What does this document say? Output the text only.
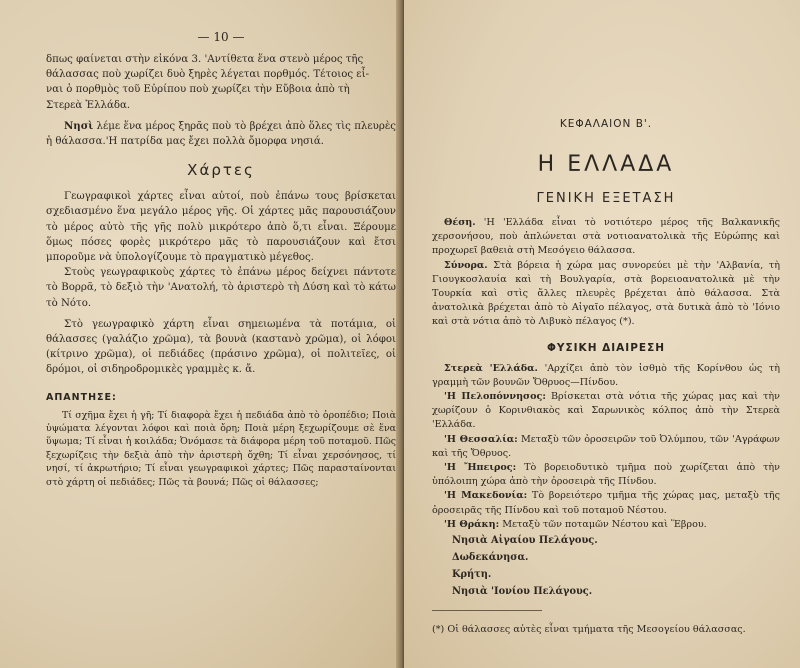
— 10 —

δπως φαίνεται στὴν εἰκόνα 3. 'Αντίθετα ἕνα στενὸ μέρος τῆς

θάλασσας ποὺ χωρίζει δυὸ ξηρὲς λέγεται πορθμός. Τέτοιος εἶ-

ναι ὁ πορθμὸς τοῦ Εὐρίπου ποὺ χωρίζει τὴν Εὔβοια ἀπὸ τὴ

Στερεὰ Ἑλλάδα.

Νησὶ λέμε ἕνα μέρος ξηρᾶς ποὺ τὸ βρέχει ἀπὸ ὅλες τὶς πλευρὲς ἡ θάλασσα.'Η πατρίδα μας ἔχει πολλὰ ὄμορφα νησιά.

Χάρτες

Γεωγραφικοὶ χάρτες εἶναι αὐτοί, ποὺ ἐπάνω τους βρίσκεται σχεδιασμένο ἕνα μεγάλο μέρος γῆς. Οἱ χάρτες μᾶς παρουσιάζουν τὸ μέρος αὐτὸ τῆς γῆς πολὺ μικρότερο ἀπὸ ὅ,τι εἶναι. Ξέρουμε ὅμως πόσες φορὲς μικρότερο μᾶς τὸ παρουσιάζουν καὶ ἔτσι μποροῦμε νὰ ὑπολογίζουμε τὸ πραγματικὸ μέγεθος.

Στοὺς γεωγραφικοὺς χάρτες τὸ ἐπάνω μέρος δείχνει πάντοτε τὸ Βορρᾶ, τὸ δεξιὸ τὴν 'Ανατολή, τὸ ἀριστερὸ τὴ Δύση καὶ τὸ κάτω τὸ Νότο.

Στὸ γεωγραφικὸ χάρτη εἶναι σημειωμένα τὰ ποτάμια, οἱ θάλασσες (γαλάζιο χρῶμα), τὰ βουνὰ (καστανὸ χρῶμα), οἱ λόφοι (κίτρινο χρῶμα), οἱ πεδιάδες (πράσινο χρῶμα), οἱ πολιτεῖες, οἱ δρόμοι, οἱ σιδηροδρομικὲς γραμμὲς κ. ἄ.

ΑΠΑΝΤΗΣΕ:

Τί σχῆμα ἔχει ἡ γῆ; Τί διαφορὰ ἔχει ἡ πεδιάδα ἀπὸ τὸ ὀροπέδιο; Ποιὰ ὑψώματα λέγονται λόφοι καὶ ποιὰ ὄρη; Ποιὰ μέρη ξεχωρίζουμε σὲ ἕνα ὕψωμα; Τί εἶναι ἡ κοιλάδα; Ὀνόμασε τὰ διάφορα μέρη τοῦ ποταμοῦ. Πῶς ξεχωρίζεις τὴν δεξιὰ ἀπὸ τὴν ἀριστερὴ ὄχθη; Τί εἶναι χερσόνησος, τί νησί, τί ἀκρωτήριο; Τί εἶναι γεωγραφικοὶ χάρτες; Πῶς παρασταίνονται στὸ χάρτη οἱ πεδιάδες; Πῶς τὰ βουνά; Πῶς οἱ θάλασσες;

ΚΕΦΑΛΑΙΟΝ Β'.
Η ΕΛΛΑΔΑ
ΓΕΝΙΚΗ ΕΞΕΤΑΣΗ

Θέση. 'Η 'Ελλάδα εἶναι τὸ νοτιότερο μέρος τῆς Βαλκανικῆς χερσονήσου, ποὺ ἁπλώνεται στὰ νοτιοανατολικὰ τῆς Εὐρώπης καὶ προχωρεῖ βαθειὰ στὴ Μεσόγειο θάλασσα.

Σύνορα. Στὰ βόρεια ἡ χώρα μας συνορεύει μὲ τὴν 'Αλβανία, τὴ Γιουγκοσλαυία καὶ τὴ Βουλγαρία, στὰ βορειοανατολικὰ μὲ τὴν Τουρκία καὶ στὶς ἄλλες πλευρὲς βρέχεται ἀπὸ θάλασσα. Στὰ ἀνατολικὰ βρέχεται ἀπὸ τὸ Αἰγαῖο πέλαγος, στὰ δυτικὰ ἀπὸ τὸ 'Ιόνιο καὶ στὰ νότια ἀπὸ τὸ Λιβυκὸ πέλαγος (*).

ΦΥΣΙΚΗ ΔΙΑΙΡΕΣΗ

Στερεὰ 'Ελλάδα. 'Αρχίζει ἀπὸ τὸν ἰσθμὸ τῆς Κορίνθου ὡς τὴ γραμμὴ τῶν βουνῶν Ὄθρυος—Πίνδου.

'Η Πελοπόννησος: Βρίσκεται στὰ νότια τῆς χώρας μας καὶ τὴν χωρίζουν ὁ Κορινθιακὸς καὶ Σαρωνικὸς κόλπος ἀπὸ τὴν Στερεὰ 'Ελλάδα.

'Η Θεσσαλία: Μεταξὺ τῶν ὀροσειρῶν τοῦ Ὀλύμπου, τῶν 'Αγράφων καὶ τῆς Ὄθρυος.

'Η Ἤπειρος: Τὸ βορειοδυτικὸ τμῆμα ποὺ χωρίζεται ἀπὸ τὴν ὑπόλοιπη χώρα ἀπὸ τὴν ὀροσειρὰ τῆς Πίνδου.

'Η Μακεδονία: Τὸ βορειότερο τμῆμα τῆς χώρας μας, μεταξὺ τῆς ὀροσειρᾶς τῆς Πίνδου καὶ τοῦ ποταμοῦ Νέστου.

'Η Θράκη: Μεταξὺ τῶν ποταμῶν Νέστου καὶ Ἕβρου.

Νησιὰ Αἰγαίου Πελάγους.
Δωδεκάνησα.
Κρήτη.
Νησιὰ 'Ιονίου Πελάγους.

(*) Οἱ θάλασσες αὐτὲς εἶναι τμήματα τῆς Μεσογείου θάλασσας.
